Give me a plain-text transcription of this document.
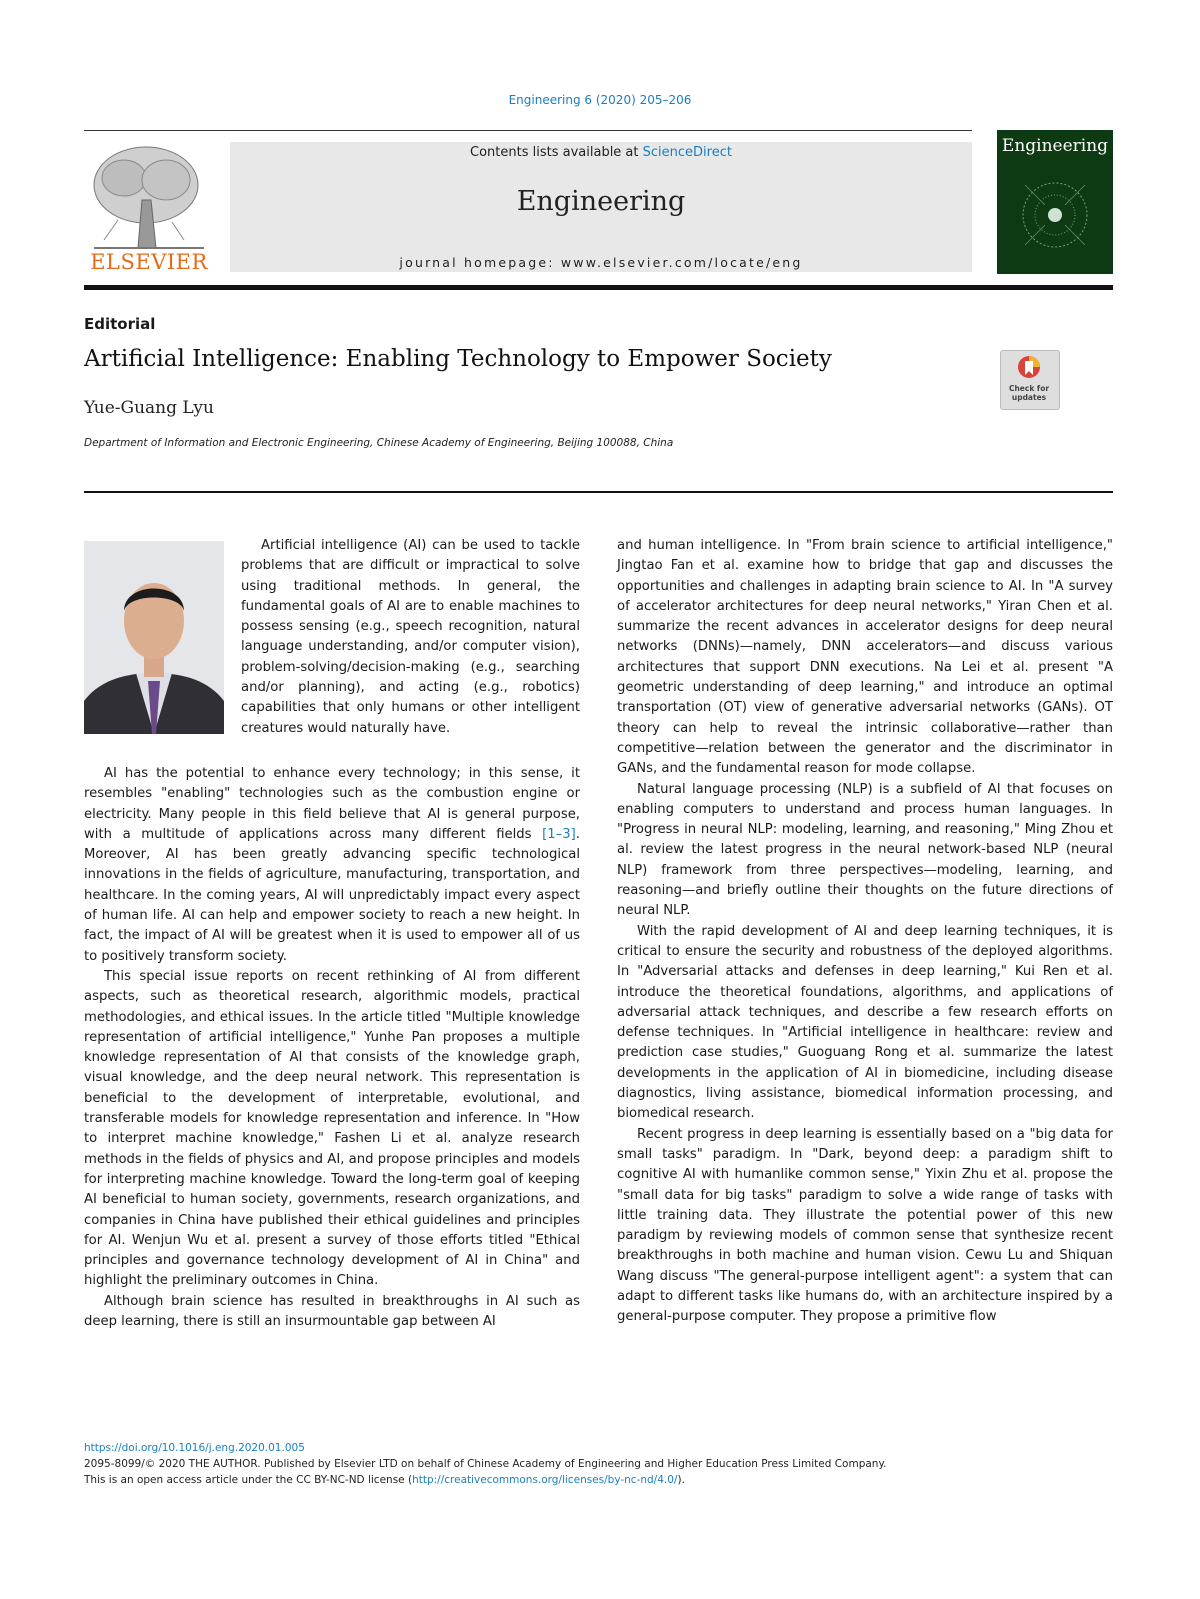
Engineering 6 (2020) 205–206
ELSEVIER
Contents lists available at ScienceDirect
Engineering
journal homepage: www.elsevier.com/locate/eng
Engineering
Editorial
Artificial Intelligence: Enabling Technology to Empower Society
Yue-Guang Lyu
Department of Information and Electronic Engineering, Chinese Academy of Engineering, Beijing 100088, China
Check for updates

Artificial intelligence (AI) can be used to tackle problems that are difficult or impractical to solve using traditional methods. In general, the fundamental goals of AI are to enable machines to possess sensing (e.g., speech recognition, natural language understanding, and/or computer vision), problem-solving/decision-making (e.g., searching and/or planning), and acting (e.g., robotics) capabilities that only humans or other intelligent creatures would naturally have.

AI has the potential to enhance every technology; in this sense, it resembles "enabling" technologies such as the combustion engine or electricity. Many people in this field believe that AI is general purpose, with a multitude of applications across many different fields [1–3]. Moreover, AI has been greatly advancing specific technological innovations in the fields of agriculture, manufacturing, transportation, and healthcare. In the coming years, AI will unpredictably impact every aspect of human life. AI can help and empower society to reach a new height. In fact, the impact of AI will be greatest when it is used to empower all of us to positively transform society.

This special issue reports on recent rethinking of AI from different aspects, such as theoretical research, algorithmic models, practical methodologies, and ethical issues. In the article titled "Multiple knowledge representation of artificial intelligence," Yunhe Pan proposes a multiple knowledge representation of AI that consists of the knowledge graph, visual knowledge, and the deep neural network. This representation is beneficial to the development of interpretable, evolutional, and transferable models for knowledge representation and inference. In "How to interpret machine knowledge," Fashen Li et al. analyze research methods in the fields of physics and AI, and propose principles and models for interpreting machine knowledge. Toward the long-term goal of keeping AI beneficial to human society, governments, research organizations, and companies in China have published their ethical guidelines and principles for AI. Wenjun Wu et al. present a survey of those efforts titled "Ethical principles and governance technology development of AI in China" and highlight the preliminary outcomes in China.

Although brain science has resulted in breakthroughs in AI such as deep learning, there is still an insurmountable gap between AI

and human intelligence. In "From brain science to artificial intelligence," Jingtao Fan et al. examine how to bridge that gap and discusses the opportunities and challenges in adapting brain science to AI. In "A survey of accelerator architectures for deep neural networks," Yiran Chen et al. summarize the recent advances in accelerator designs for deep neural networks (DNNs)—namely, DNN accelerators—and discuss various architectures that support DNN executions. Na Lei et al. present "A geometric understanding of deep learning," and introduce an optimal transportation (OT) view of generative adversarial networks (GANs). OT theory can help to reveal the intrinsic collaborative—rather than competitive—relation between the generator and the discriminator in GANs, and the fundamental reason for mode collapse.

Natural language processing (NLP) is a subfield of AI that focuses on enabling computers to understand and process human languages. In "Progress in neural NLP: modeling, learning, and reasoning," Ming Zhou et al. review the latest progress in the neural network-based NLP (neural NLP) framework from three perspectives—modeling, learning, and reasoning—and briefly outline their thoughts on the future directions of neural NLP.

With the rapid development of AI and deep learning techniques, it is critical to ensure the security and robustness of the deployed algorithms. In "Adversarial attacks and defenses in deep learning," Kui Ren et al. introduce the theoretical foundations, algorithms, and applications of adversarial attack techniques, and describe a few research efforts on defense techniques. In "Artificial intelligence in healthcare: review and prediction case studies," Guoguang Rong et al. summarize the latest developments in the application of AI in biomedicine, including disease diagnostics, living assistance, biomedical information processing, and biomedical research.

Recent progress in deep learning is essentially based on a "big data for small tasks" paradigm. In "Dark, beyond deep: a paradigm shift to cognitive AI with humanlike common sense," Yixin Zhu et al. propose the "small data for big tasks" paradigm to solve a wide range of tasks with little training data. They illustrate the potential power of this new paradigm by reviewing models of common sense that synthesize recent breakthroughs in both machine and human vision. Cewu Lu and Shiquan Wang discuss "The general-purpose intelligent agent": a system that can adapt to different tasks like humans do, with an architecture inspired by a general-purpose computer. They propose a primitive flow

https://doi.org/10.1016/j.eng.2020.01.005
2095-8099/© 2020 THE AUTHOR. Published by Elsevier LTD on behalf of Chinese Academy of Engineering and Higher Education Press Limited Company.
This is an open access article under the CC BY-NC-ND license (http://creativecommons.org/licenses/by-nc-nd/4.0/).
